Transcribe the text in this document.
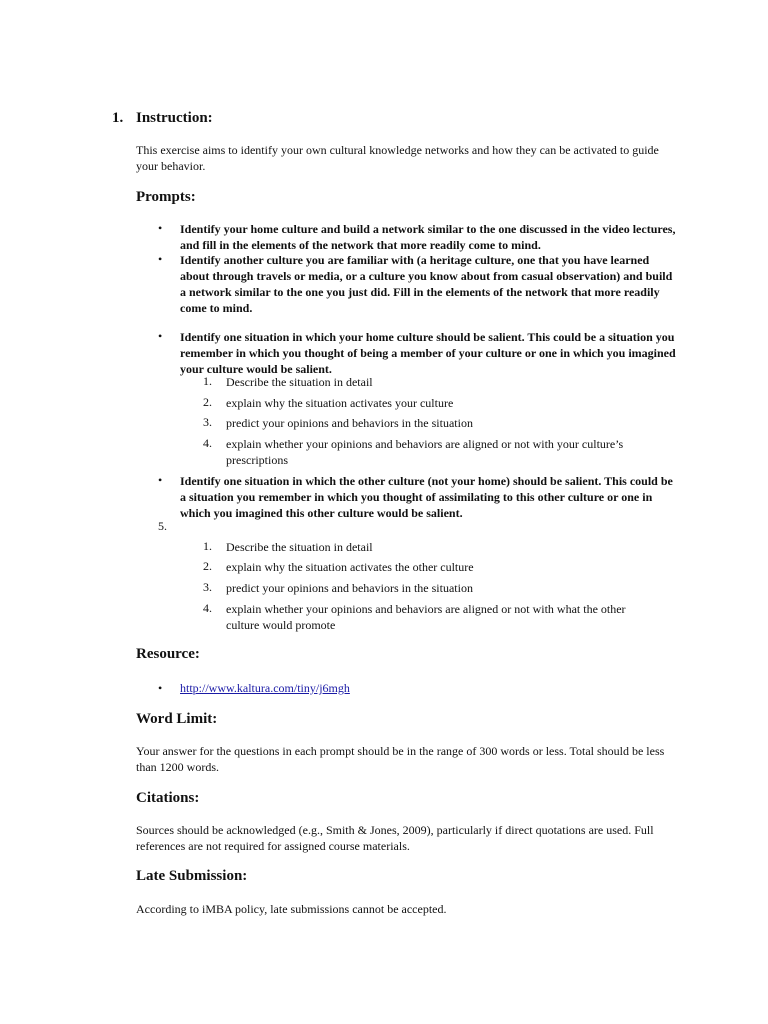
1. Instruction:
This exercise aims to identify your own cultural knowledge networks and how they can be activated to guide your behavior.
Prompts:
• Identify your home culture and build a network similar to the one discussed in the video lectures, and fill in the elements of the network that more readily come to mind.
• Identify another culture you are familiar with (a heritage culture, one that you have learned about through travels or media, or a culture you know about from casual observation) and build a network similar to the one you just did. Fill in the elements of the network that more readily come to mind.
• Identify one situation in which your home culture should be salient. This could be a situation you remember in which you thought of being a member of your culture or one in which you imagined your culture would be salient.
1. Describe the situation in detail
2. explain why the situation activates your culture
3. predict your opinions and behaviors in the situation
4. explain whether your opinions and behaviors are aligned or not with your culture’s prescriptions
• Identify one situation in which the other culture (not your home) should be salient. This could be a situation you remember in which you thought of assimilating to this other culture or one in which you imagined this other culture would be salient.
5.
1. Describe the situation in detail
2. explain why the situation activates the other culture
3. predict your opinions and behaviors in the situation
4. explain whether your opinions and behaviors are aligned or not with what the other culture would promote
Resource:
• http://www.kaltura.com/tiny/j6mgh
Word Limit:
Your answer for the questions in each prompt should be in the range of 300 words or less. Total should be less than 1200 words.
Citations:
Sources should be acknowledged (e.g., Smith & Jones, 2009), particularly if direct quotations are used. Full references are not required for assigned course materials.
Late Submission:
According to iMBA policy, late submissions cannot be accepted.
